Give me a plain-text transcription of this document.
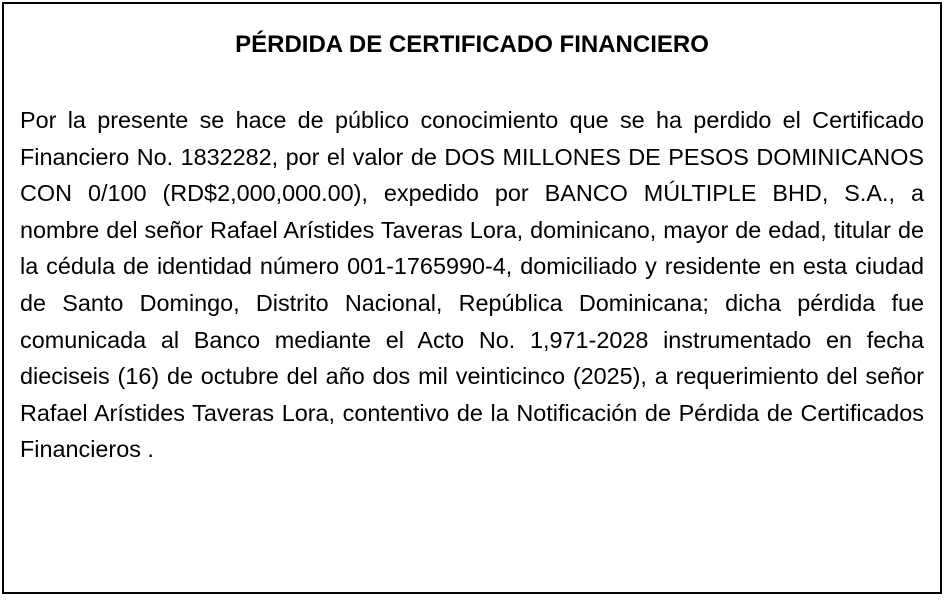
PÉRDIDA DE CERTIFICADO FINANCIERO

Por la presente se hace de público conocimiento que se ha perdido el Certificado Financiero No. 1832282, por el valor de DOS MILLONES DE PESOS DOMINICANOS CON 0/100 (RD$2,000,000.00), expedido por BANCO MÚLTIPLE BHD, S.A., a nombre del señor Rafael Arístides Taveras Lora, dominicano, mayor de edad, titular de la cédula de identidad número 001-1765990-4, domiciliado y residente en esta ciudad de Santo Domingo, Distrito Nacional, República Dominicana; dicha pérdida fue comunicada al Banco mediante el Acto No. 1,971-2028 instrumentado en fecha dieciseis (16) de octubre del año dos mil veinticinco (2025), a requerimiento del señor Rafael Arístides Taveras Lora, contentivo de la Notificación de Pérdida de Certificados Financieros .
